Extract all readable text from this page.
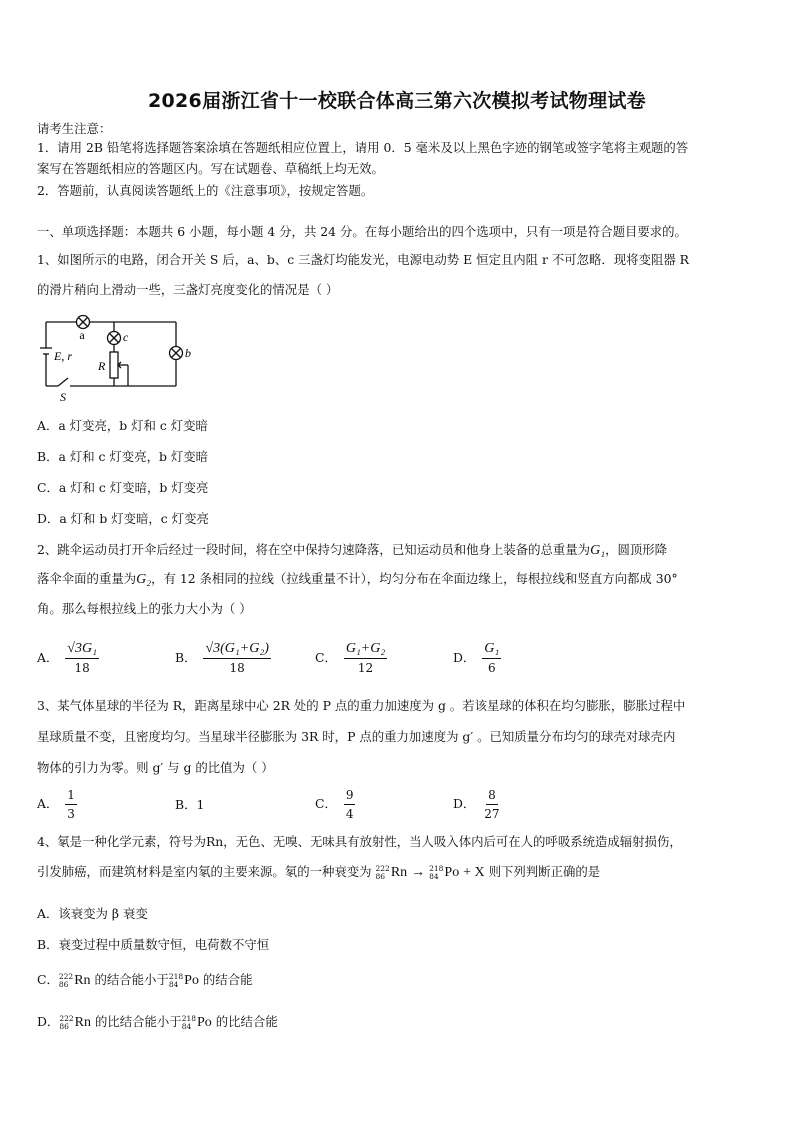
2026届浙江省十一校联合体高三第六次模拟考试物理试卷
请考生注意：
1．请用 2B 铅笔将选择题答案涂填在答题纸相应位置上，请用 0．5 毫米及以上黑色字迹的钢笔或签字笔将主观题的答
案写在答题纸相应的答题区内。写在试题卷、草稿纸上均无效。
2．答题前，认真阅读答题纸上的《注意事项》，按规定答题。
一、单项选择题：本题共 6 小题，每小题 4 分，共 24 分。在每小题给出的四个选项中，只有一项是符合题目要求的。
1、如图所示的电路，闭合开关 S 后，a、b、c 三盏灯均能发光，电源电动势 E 恒定且内阻 r 不可忽略．现将变阻器 R
的滑片稍向上滑动一些，三盏灯亮度变化的情况是（ ）
a	c
b
E, r
R
S
A．a 灯变亮，b 灯和 c 灯变暗
B．a 灯和 c 灯变亮，b 灯变暗
C．a 灯和 c 灯变暗，b 灯变亮
D．a 灯和 b 灯变暗，c 灯变亮
2、跳伞运动员打开伞后经过一段时间，将在空中保持匀速降落，已知运动员和他身上装备的总重量为G₁，圆顶形降
落伞伞面的重量为G₂，有 12 条相同的拉线（拉线重量不计），均匀分布在伞面边缘上，每根拉线和竖直方向都成 30°
角。那么每根拉线上的张力大小为（ ）
A． $\frac{\text{√3G₁}}{18}$	B． $\frac{\text{√3(G₁+G₂)}}{18}$	C． $\frac{\text{G₁+G₂}}{12}$	D． $\frac{\text{G₁}}{6}$
3、某气体星球的半径为 R，距离星球中心 2R 处的 P 点的重力加速度为 g 。若该星球的体积在均匀膨胀，膨胀过程中
星球质量不变，且密度均匀。当星球半径膨胀为 3R 时，P 点的重力加速度为 g′ 。已知质量分布均匀的球壳对球壳内
物体的引力为零。则 g′ 与 g 的比值为（ ）
A． $\frac{1}{3}$	B．1	C． $\frac{9}{4}$	D． $\frac{8}{27}$
4、氡是一种化学元素，符号为Rn，无色、无嗅、无味具有放射性，当人吸入体内后可在人的呼吸系统造成辐射损伤，
引发肺癌，而建筑材料是室内氡的主要来源。氡的一种衰变为 222
86 Rn → 218
84 Po + X 则下列判断正确的是
A．该衰变为 β 衰变
B．衰变过程中质量数守恒，电荷数不守恒
C． 222
86 Rn 的结合能小于 218
84 Po 的结合能
D． 222
86 Rn 的比结合能小于 218
84 Po 的比结合能
